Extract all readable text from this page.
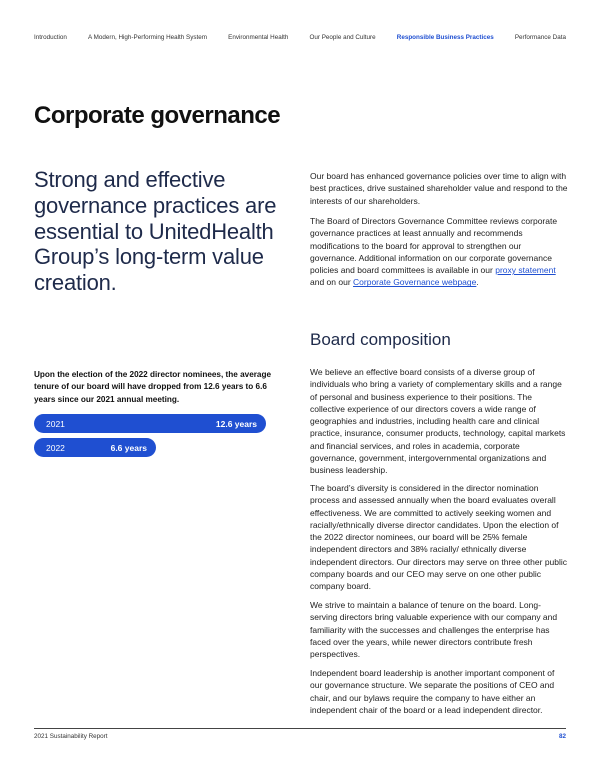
Introduction	A Modern, High-Performing Health System	Environmental Health	Our People and Culture	Responsible Business Practices	Performance Data
Corporate governance

Strong and effective governance practices are essential to UnitedHealth Group’s long-term value creation.

Upon the election of the 2022 director nominees, the average tenure of our board will have dropped from 12.6 years to 6.6 years since our 2021 annual meeting.

2021	12.6 years
2022	6.6 years

Our board has enhanced governance policies over time to align with best practices, drive sustained shareholder value and respond to the interests of our shareholders.

The Board of Directors Governance Committee reviews corporate governance practices at least annually and recommends modifications to the board for approval to strengthen our governance. Additional information on our corporate governance policies and board committees is available in our proxy statement and on our Corporate Governance webpage.

Board composition

We believe an effective board consists of a diverse group of individuals who bring a variety of complementary skills and a range of personal and business experience to their positions. The collective experience of our directors covers a wide range of geographies and industries, including health care and clinical practice, insurance, consumer products, technology, capital markets and financial services, and roles in academia, corporate governance, government, intergovernmental organizations and business leadership.

The board’s diversity is considered in the director nomination process and assessed annually when the board evaluates overall effectiveness. We are committed to actively seeking women and racially/ethnically diverse director candidates. Upon the election of the 2022 director nominees, our board will be 25% female independent directors and 38% racially/ ethnically diverse independent directors. Our directors may serve on three other public company boards and our CEO may serve on one other public company board.

We strive to maintain a balance of tenure on the board. Long-serving directors bring valuable experience with our company and familiarity with the successes and challenges the enterprise has faced over the years, while newer directors contribute fresh perspectives.

Independent board leadership is another important component of our governance structure. We separate the positions of CEO and chair, and our bylaws require the company to have either an independent chair of the board or a lead independent director.

2021 Sustainability Report	82
